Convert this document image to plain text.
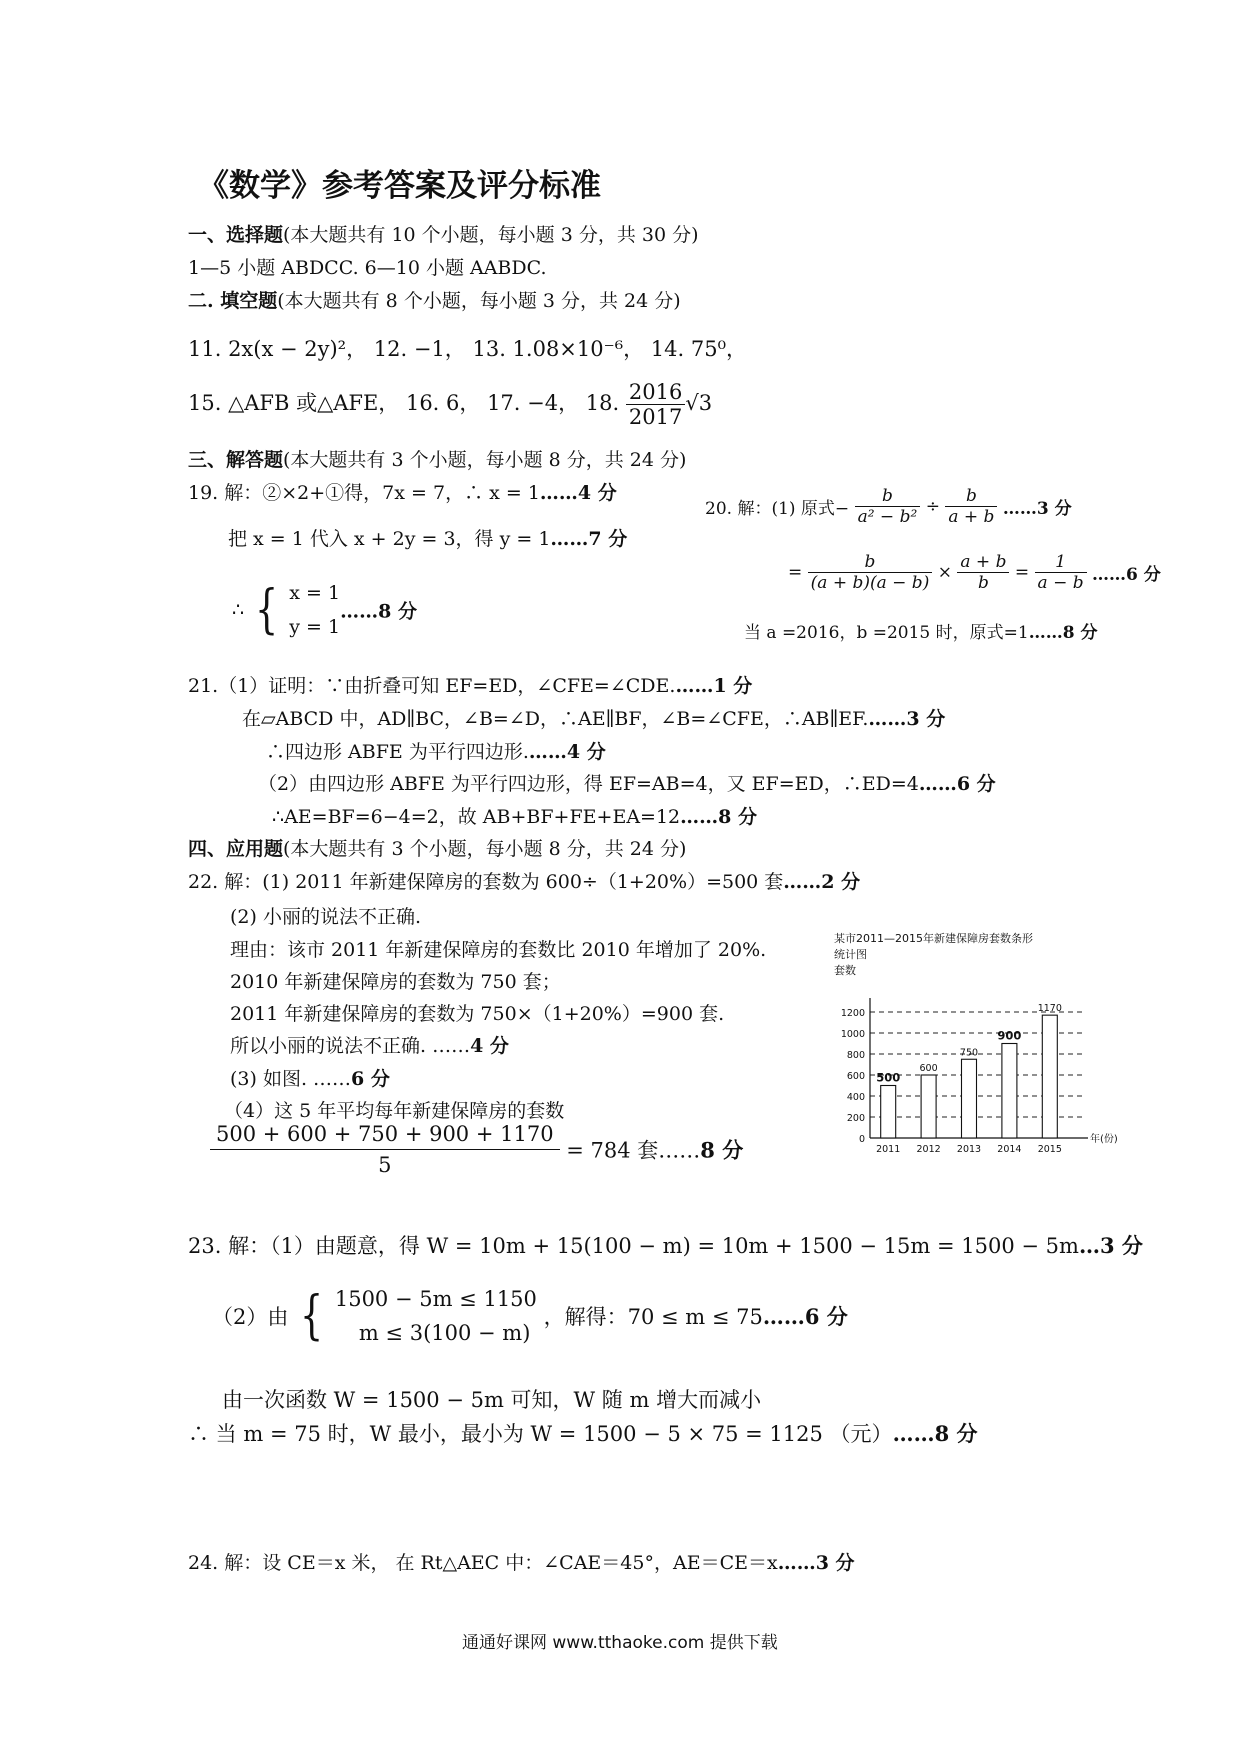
《数学》参考答案及评分标准
一、选择题(本大题共有 10 个小题，每小题 3 分，共 30 分)
1—5 小题 ABDCC. 6—10 小题 AABDC.
二. 填空题(本大题共有 8 个小题，每小题 3 分，共 24 分)
11. 2x(x − 2y)²， 12. −1， 13. 1.08×10⁻⁶， 14. 75⁰，
15. △AFB 或△AFE， 16. 6， 17. −4， 18. $\frac{2016}{2017} √3$
三、解答题(本大题共有 3 个小题，每小题 8 分，共 24 分)
19. 解：②×2+①得，7x = 7，∴ x = 1……4 分
把 x = 1 代入 x + 2y = 3，得 y = 1……7 分
∴ { x = 1
y = 1
……8 分
20. 解：(1) 原式− $\frac{b}{\text{a² − b²}} \div \frac{b}{a + b}$ ……3 分
= $\frac{b}{(a + b)(a - b)} \times \frac{a + b}{b} = \frac{1}{a - b}$ ……6 分
当 a =2016，b =2015 时，原式=1……8 分
21.（1）证明：∵由折叠可知 EF=ED，∠CFE=∠CDE.……1 分
在▱ABCD 中，AD∥BC，∠B=∠D，∴AE∥BF，∠B=∠CFE，∴AB∥EF.……3 分
∴四边形 ABFE 为平行四边形.……4 分
（2）由四边形 ABFE 为平行四边形，得 EF=AB=4，又 EF=ED，∴ED=4……6 分
∴AE=BF=6−4=2，故 AB+BF+FE+EA=12……8 分
四、应用题(本大题共有 3 个小题，每小题 8 分，共 24 分)
22. 解：(1) 2011 年新建保障房的套数为 600÷（1+20%）=500 套……2 分
(2) 小丽的说法不正确.
理由：该市 2011 年新建保障房的套数比 2010 年增加了 20%.
2010 年新建保障房的套数为 750 套；
2011 年新建保障房的套数为 750×（1+20%）=900 套.
所以小丽的说法不正确. ……4 分
(3) 如图. ……6 分
（4）这 5 年平均每年新建保障房的套数
$\frac{500 + 600 + 750 + 900 + 1170}{5} = 784$ 套……8 分
某市2011—2015年新建保障房套数条形
统计图
套数
0
200
400
600
800
1000
1200
年(份)
500
2011
600
2012
750
2013
900
2014
1170
2015
23. 解：（1）由题意，得 W = 10m + 15(100 − m) = 10m + 1500 − 15m = 1500 − 5m…3 分
（2）由 { 1500 − 5m ≤ 1150
m ≤ 3(100 − m)
，解得：70 ≤ m ≤ 75……6 分
由一次函数 W = 1500 − 5m 可知，W 随 m 增大而减小
∴ 当 m = 75 时，W 最小，最小为 W = 1500 − 5 × 75 = 1125 （元）……8 分
24. 解：设 CE＝x 米， 在 Rt△AEC 中：∠CAE＝45°，AE＝CE＝x……3 分
通通好课网 www.tthaoke.com 提供下载
